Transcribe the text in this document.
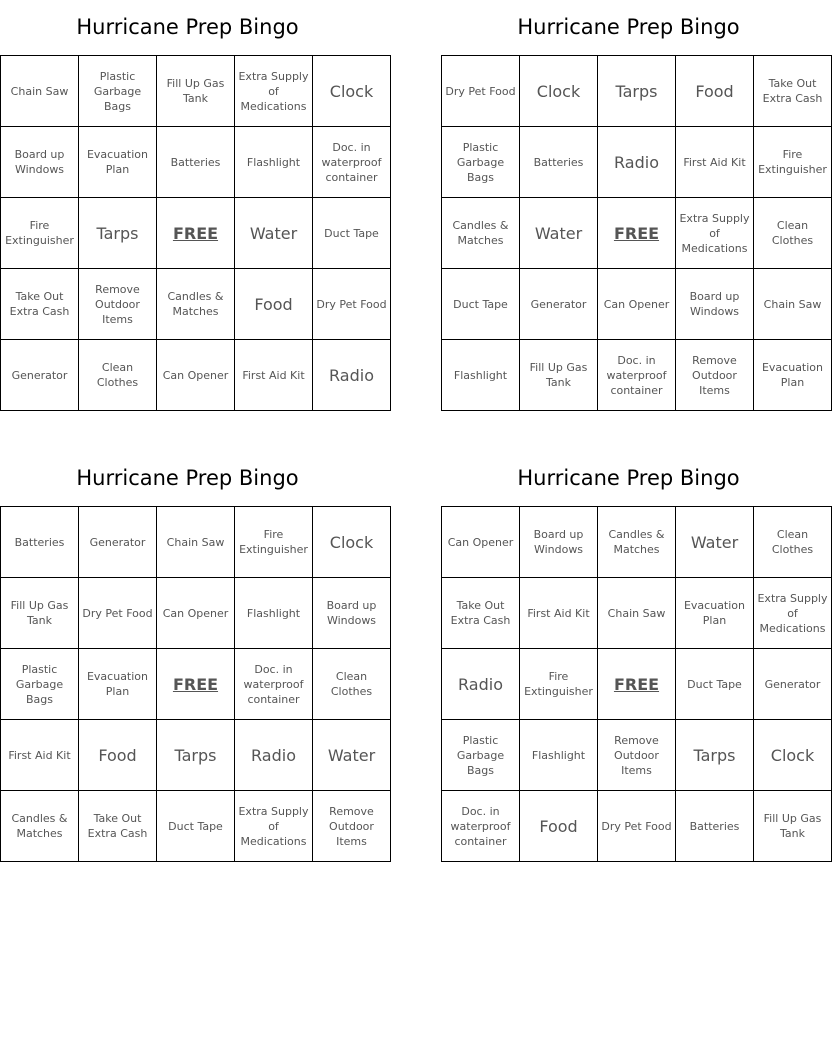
Hurricane Prep Bingo
Chain Saw	Plastic Garbage Bags	Fill Up Gas Tank	Extra Supply of Medications	Clock
Board up Windows	Evacuation Plan	Batteries	Flashlight	Doc. in waterproof container
Fire Extinguisher	Tarps	FREE	Water	Duct Tape
Take Out Extra Cash	Remove Outdoor Items	Candles & Matches	Food	Dry Pet Food
Generator	Clean Clothes	Can Opener	First Aid Kit	Radio
Hurricane Prep Bingo
Dry Pet Food	Clock	Tarps	Food	Take Out Extra Cash
Plastic Garbage Bags	Batteries	Radio	First Aid Kit	Fire Extinguisher
Candles & Matches	Water	FREE	Extra Supply of Medications	Clean Clothes
Duct Tape	Generator	Can Opener	Board up Windows	Chain Saw
Flashlight	Fill Up Gas Tank	Doc. in waterproof container	Remove Outdoor Items	Evacuation Plan
Hurricane Prep Bingo
Batteries	Generator	Chain Saw	Fire Extinguisher	Clock
Fill Up Gas Tank	Dry Pet Food	Can Opener	Flashlight	Board up Windows
Plastic Garbage Bags	Evacuation Plan	FREE	Doc. in waterproof container	Clean Clothes
First Aid Kit	Food	Tarps	Radio	Water
Candles & Matches	Take Out Extra Cash	Duct Tape	Extra Supply of Medications	Remove Outdoor Items
Hurricane Prep Bingo
Can Opener	Board up Windows	Candles & Matches	Water	Clean Clothes
Take Out Extra Cash	First Aid Kit	Chain Saw	Evacuation Plan	Extra Supply of Medications
Radio	Fire Extinguisher	FREE	Duct Tape	Generator
Plastic Garbage Bags	Flashlight	Remove Outdoor Items	Tarps	Clock
Doc. in waterproof container	Food	Dry Pet Food	Batteries	Fill Up Gas Tank
